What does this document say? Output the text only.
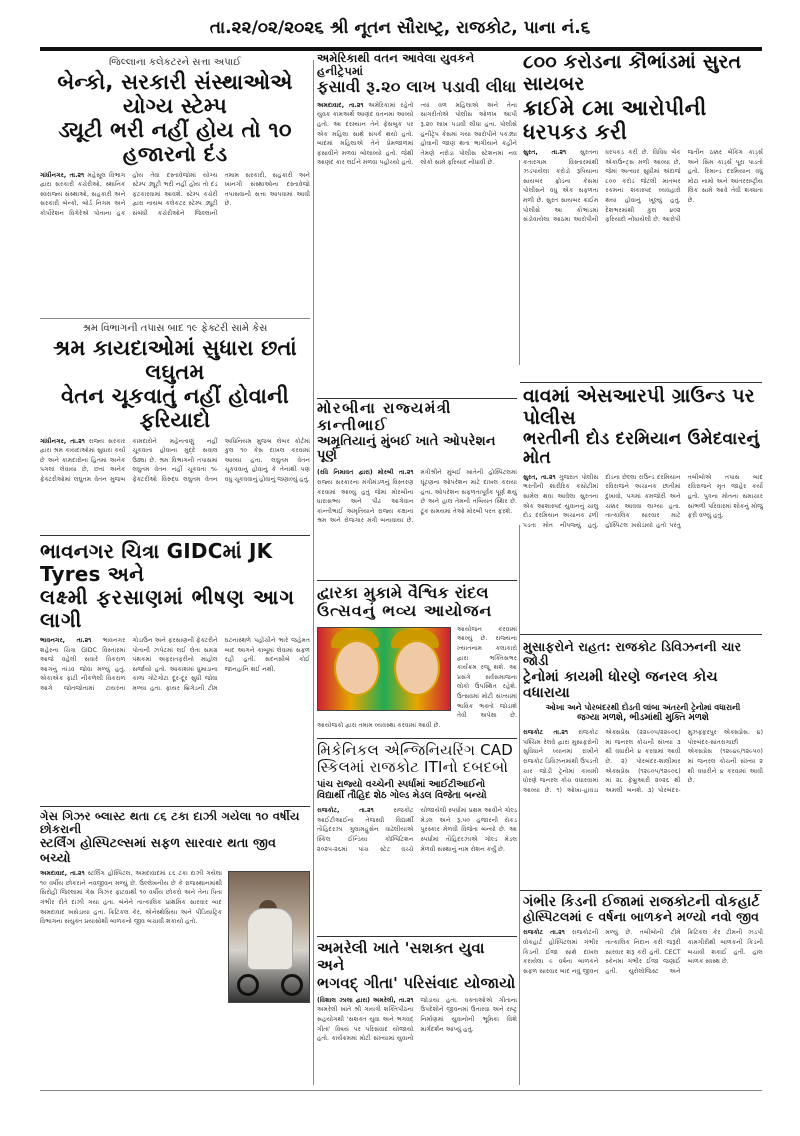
તા.૨૨/૦૨/૨૦૨૬ શ્રી નૂતન સૌરાષ્ટ્ર, રાજકોટ, પાના નં.૬
જિલ્લાના કલેકટરને સત્તા અપાઈ
બેન્કો, સરકારી સંસ્થાઓએ યોગ્ય સ્ટેમ્પ
ડ્યૂટી ભરી નહીં હોય તો ૧૦ હજારનો દંડ
ગાંધીનગર, તા.૨૧ મહેસૂલ વિભાગ દ્વારા સરકારી કચેરીઓ, સ્થાનિક સ્વરાજ્ય સંસ્થાઓ, સહકારી અને સરકારી બેન્કો, બોર્ડ નિગમ અને કોર્પોરેશન વિગેરેએ પોતાના હક હોય તેવા દસ્તાવેજોમાં યોગ્ય સ્ટેમ્પ ડ્યૂટી ભરી નહીં હોય તો દંડ ફટકારવામાં આવશે. સ્ટેમ્પ કચેરી દ્વારા નાયબ કલેકટર સ્ટેમ્પ ડ્યૂટી સંબંધી કચેરીઓને જિલ્લાની તમામ સરકારી, સહકારી અને ખાનગી સંસ્થાઓના દસ્તાવેજો તપાસવાની સત્તા આપવામાં આવી છે.
અમેરિકાથી વતન આવેલા યુવકને હનીટ્રેપમાં
ફસાવી રૂ.૨૦ લાખ પડાવી લીધા
અમદાવાદ, તા.૨૧ અમેરિકામાં રહેતો યુવક કામઅર્થે આણંદ વતનમાં આવ્યો હતો. આ દરમ્યાન તેને ફેસબુક પર એક મહિલા સાથે સંપર્ક થયો હતો. બાદમાં મહિલાએ તેને પ્રેમજાળમાં ફસાવીને મળવા બોલાવ્યો હતો. જેથી આણંદ કાર લઈને મળવા પહોંચ્યો હતો. ત્યાં વળ મહિલાએ અને તેના સાગરીતોએ પોલીસ ઓળખ આપી રૂ.૨૦ લાખ પડાવી લીધા હતા. પોલીસે હનીટ્રેપ કેસમાં ગયા આરોપીને પકડ્યા હોવાની જાણ થતા ભાગીયાને કહીને તેમણે નરોડા પોલીસ સ્ટેશનમાં નવ લોકો સામે ફરિયાદ નોંધાવી છે.
૮૦૦ કરોડના કૌભાંડમાં સુરત સાયબર
ક્રાઈમે ૮મા આરોપીની ધરપકડ કરી
સુરત, તા.૨૧ સુરતના કતારગામ વિસ્તારમાંથી ઝડપાયેલા કરોડો રૂપિયાના સાયબર ફ્રોડના કેસમાં પોલીસને વધુ એક સફળતા મળી છે. સુરત સાયબર ક્રાઈમ પોલીસે આ કૌભાંડમાં સંડોવાયેલા આઠમા આરોપીની ધરપકડ કરી છે. વિવિધ બેંક એકાઉન્ટ્સ મળી આવ્યા છે, જેમાં અત્યાર સુધીમાં અંદાજે ૮૦૦ કરોડ જેટલી માતબર રકમના શંકાસ્પદ વ્યવહારો થયા હોવાનું ખૂલ્યું હતું. દેશભરમાંથી કુલ ૪૦૨ ફરિયાદો નોંધાયેલી છે. આરોપી જતીન ઠક્કર બેંકિંગ કાર્ડ્સ અને સિમ કાર્ડ્સ પૂરા પાડતો હતો. રિમાન્ડ દરમિયાન વધુ મોટા નામો અને આંતરરાષ્ટ્રીય લિંક સામે આવે તેવી શક્યતા છે.
શ્રમ વિભાગની તપાસ બાદ ૧૯ ફેક્ટરી સામે કેસ
શ્રમ કાયદાઓમાં સુધારા છતાં લઘુતમ
વેતન ચૂકવાતું નહીં હોવાની ફરિયાદો
ગાંધીનગર, તા.૨૧ રાજ્ય સરકાર દ્વારા શ્રમ કાયદાઓમાં સુધારા કર્યા છે અને કામદારોના હિતમાં અનેક પગલાં લેવાયા છે, છતાં અનેક ફેક્ટરીઓમાં લઘુતમ વેતન મુજબ કામદારોને મહેનતાણું નહીં ચૂકવાતા હોવાના મુદ્દે સવાલ ઉઠ્યા છે. શ્રમ વિભાગની તપાસમાં લઘુતમ વેતન નહીં ચૂકવતા ૧૯ ફેક્ટરીઓ વિરુદ્ધ લઘુતમ વેતન અધિનિયમ મુજબ લેબર કોર્ટમાં કુલ ૧૦ કેસ દાખલ કરવામાં આવ્યા હતા. લઘુતમ વેતન ચૂકવવાનું હોવાનું કે તેનાથી પણ વધુ ચૂકવવાનું હોવાનું જણાવ્યું હતું.
મોરબીના રાજ્યમંત્રી કાન્તીભાઈ
અમૃતિયાનું મુંબઈ ખાતે ઓપરેશન પૂર્ણ
(રવિ નિમાવત દ્વારા) મોરબી તા.૨૧ રાજ્ય સરકારના મંત્રીમંડળનું વિસ્તરણ કરવામાં આવ્યું હતું જેમાં મોરબીના ધારાસભ્ય અને પીઢ આગેવાન કાન્તીભાઈ અમૃતિયાને રાજ્ય કક્ષાના શ્રમ અને રોજગાર મંત્રી બનાવાયા છે. મંત્રીશ્રીને મુંબઈ ખાતેની હોસ્પિટલમાં ઘૂંટણના ઓપરેશન માટે દાખલ કરાયા હતા. ઓપરેશન સફળતાપૂર્વક પૂર્ણ થયું છે અને હાલ તેમની તબિયત સ્થિર છે. ટૂંક સમયમાં તેઓ મોરબી પરત ફરશે.
વાવમાં એસઆરપી ગ્રાઉન્ડ પર પોલીસ
ભરતીની દોડ દરમિયાન ઉમેદવારનું મોત
સુરત, તા.૨૧ ગુજરાત પોલીસ ભરતીની શારીરિક કસોટીમાં સામેલ થવા આવેલા સુરતના એક આશાસ્પદ યુવાનનું ચાલુ દોડ દરમિયાન અચાનક ઢળી પડતા મોત નીપજ્યું હતું. દોડના છેલ્લા રાઉન્ડ દરમિયાન રવિરાજને અચાનક છાતીમાં દુખાવો, પગમાં કમજોરી અને ચક્કર આવવા લાગ્યા હતા. તાત્કાલિક સારવાર માટે હોસ્પિટલ ખસેડાયો હતો પરંતુ તબીબોએ તપાસ બાદ રવિરાજને મૃત જાહેર કર્યો હતો. પુત્રના મોતના સમાચાર સાંભળી પરિવારમાં શોકનું મોજું ફરી વળ્યું હતું.
ભાવનગર ચિત્રા GIDCમાં JK Tyres અને
લક્ષ્મી ફરસાણમાં ભીષણ આગ લાગી
ભાવનગર, તા.૨૧ ભાવનગર શહેરના ચિત્રા GIDC વિસ્તારમાં આજે વહેલી સવારે વિકરાળ આગનું તાંડવ જોવા મળ્યું હતું. એકાએક ફાટી નીકળેલી વિકરાળ આગે જોતજોતામાં ટાયરના ગોડાઉન અને ફરસાણની ફેક્ટરીને પોતાની ઝપેટમાં લઈ લેતા સમગ્ર પંથકમાં અફરાતફરીનો માહોલ સર્જાયો હતો. આકાશમાં ધુમાડાના કાળા ગોટેગોટા દૂર-દૂર સુધી જોવા મળ્યા હતા. ફાયર બ્રિગેડની ટીમ ઘટનાસ્થળે પહોંચીને ભારે જહેમત બાદ આગને કાબૂમાં લેવામાં સફળ રહી હતી. સદનસીબે કોઈ જાનહાનિ થઈ નથી.
દ્વારકા મુકામે વૈશ્વિક રાંદલ
ઉત્સવનું ભવ્ય આયોજન
આયોજન કરવામાં આવ્યું છે. રાજ્યના ખ્યાતનામ કલાકારો દ્વારા ભક્તિસભર કાર્યક્રમ રજૂ થશે. આ પ્રસંગે સર્વસમાજના લોકો ઉપસ્થિત રહેશે. ઉત્સવમાં મોટી સંખ્યામાં ભાવિક ભક્તો જોડાશે તેવી અપેક્ષા છે. આયોજકો દ્વારા તમામ વ્યવસ્થા કરવામાં આવી છે.
મુસાફરોને રાહત: રાજકોટ ડિવિઝનની ચાર જોડી
ટ્રેનોમાં કાયમી ધોરણે જનરલ કોચ વધારાયા
ઓખા અને પોરબંદરથી દોડતી લાંબા અંતરની ટ્રેનોમાં વધારાની
જગ્યા મળશે, ભીડમાંથી મુક્તિ મળશે
રાજકોટ તા.૨૧ રાજકોટ પશ્ચિમ રેલવે દ્વારા મુસાફરોની સુવિધાને ધ્યાનમાં રાખીને રાજકોટ ડિવિઝનમાંથી ઉપડતી ચાર જોડી ટ્રેનોમાં કાયમી ધોરણે જનરલ કોચ વધારવામાં આવ્યા છે. ૧) ઓખા-હાવડા એક્સપ્રેસ (૨૨૯૦૫/૨૨૯૦૬) માં જનરલ કોચની સંખ્યા ૩ થી વધારીને ૪ કરવામાં આવી છે. ૨) પોરબંદર-શાલીમાર એક્સપ્રેસ (૧૨૯૦૫/૧૨૯૦૬) માં ૨૮ ફેબ્રુઆરી ૨૦૨૬ થી અમલી બનશે. ૩) પોરબંદર-મુઝફ્ફરપુર એક્સપ્રેસ. ૪) પોરબંદર-સાંતરાગાછી એક્સપ્રેસ (૧૨૯૪૯/૧૨૯૫૦) માં જનરલ કોચની સંખ્યા ૨ થી વધારીને ૪ કરવામાં આવી છે.
મિકેનિકલ એન્જિનિયરિંગ CAD
સ્કિલમાં રાજકોટ ITIનો દબદબો
પાંચ રાજ્યો વચ્ચેની સ્પર્ધામાં આઈટીઆઈનો
વિદ્યાર્થી તૌહિદ શેઠ ગોલ્ડ મેડલ વિજેતા બન્યો
રાજકોટ, તા.૨૧	રાજકોટ આઈટીઆઈના તેજસ્વી વિદ્યાર્થી તૌહિદરઝા ગુલામહુસેન વાઢેલીયાએ સ્કિલ ઈન્ડિયા કોમ્પિટિશન ૨૦૨૫-૨૬માં પાંચ સ્ટેટ વચ્ચે યોજાયેલી સ્પર્ધામાં પ્રથમ આવીને ગોલ્ડ મેડલ અને રૂ.૫૦ હજારની રોકડ પુરસ્કાર મેળવી વિજેતા બન્યો છે. આ સ્પર્ધામાં તૌહિદરઝાએ ગોલ્ડ મેડલ મેળવી સંસ્થાનું નામ રોશન કર્યું છે.
ગેસ ગિઝર બ્લાસ્ટ થતા ૮૬ ટકા દાઝી ગયેલા ૧૦ વર્ષીય છોકરાની
સ્ટર્લિંગ હોસ્પિટલ્સમાં સફળ સારવાર થતા જીવ બચ્યો
અમદાવાદ, તા.૨૧ સ્ટર્લિંગ હોસ્પિટલ, અમદાવાદમાં ૮૬ ટકા દાઝી ગયેલા ૧૦ વર્ષીય છોકરાને નવજીવન મળ્યું છે. ઉલ્લેખનીય છે કે રાજસ્થાનમાંથી સિરોહી જિલ્લામાં ગેસ ગિઝર ફાટવાથી ૧૦ વર્ષીય છોકરો અને તેના પિતા ગંભીર રીતે દાઝી ગયા હતા. બંનેને તાત્કાલિક પ્રાથમિક સારવાર બાદ અમદાવાદ ખસેડાયા હતા. ક્રિટિકલ કેર, એનેસ્થેસિયા અને પીડિયાટ્રિક વિભાગના સંયુક્ત પ્રયાસોથી બાળકનો જીવ બચાવી શકાયો હતો.
અમરેલી ખાતે 'સશક્ત યુવા અને
ભગવદ્ ગીતા' પરિસંવાદ યોજાયો
(વિશાલ ઝાલા દ્વારા) અમરેલી, તા.૨૧ અમરેલી ખાતે શ્રી ગાયત્રી શક્તિપીઠના સહયોગથી 'સશક્ત યુવા અને ભગવદ્ ગીતા' વિષય પર પરિસંવાદ યોજાયો હતો. કાર્યક્રમમાં મોટી સંખ્યામાં યુવાનો જોડાયા હતા. વક્તાઓએ ગીતાના ઉપદેશોને જીવનમાં ઉતારવા અને રાષ્ટ્ર નિર્માણમાં યુવાનોની ભૂમિકા વિશે માર્ગદર્શન આપ્યું હતું.
ગંભીર કિડની ઈજામાં રાજકોટની વોકહાર્ટ
હોસ્પિટલમાં ૯ વર્ષના બાળકને મળ્યો નવો જીવ
રાજકોટ તા.૨૧ રાજકોટની વોકહાર્ટ હોસ્પિટલમાં ગંભીર કિડની ઈજા સાથે દાખલ કરાયેલા ૯ વર્ષના બાળકને સફળ સારવાર બાદ નવું જીવન મળ્યું છે. તબીબોની ટીમે તાત્કાલિક નિદાન કરી જરૂરી સારવાર શરૂ કરી હતી. CECT સ્કેનમાં ગંભીર ઈજા જણાઈ હતી. યુરોલોજિસ્ટ અને ક્રિટિકલ કેર ટીમની ઝડપી કામગીરીથી બાળકની કિડની બચાવી શકાઈ હતી. હાલ બાળક સ્વસ્થ છે.
